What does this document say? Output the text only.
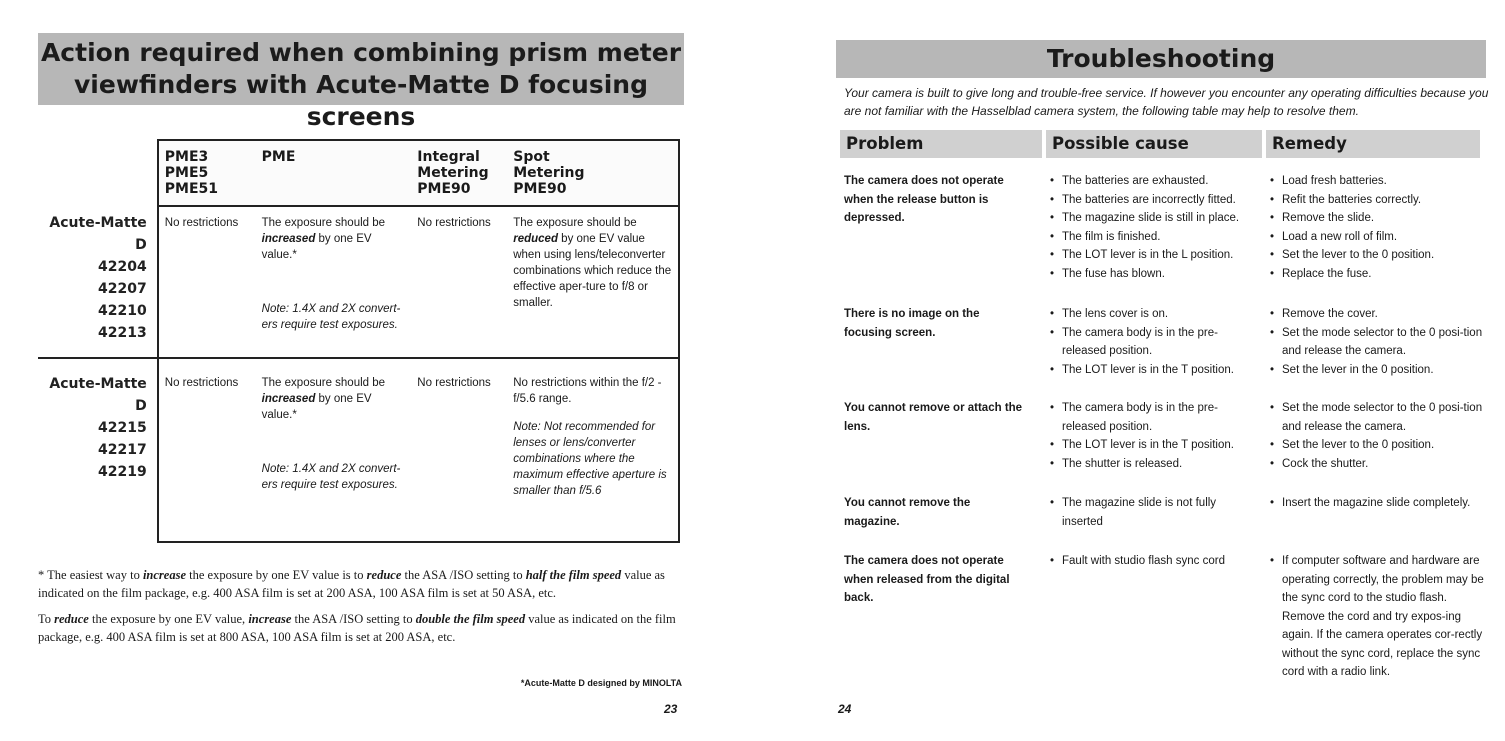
Action required when combining prism meter
viewfinders with Acute-Matte D focusing screens

PME3
PME5
PME51

PME	Integral
Metering
PME90

Spot
Metering
PME90

Acute-Matte D
42204
42207
42210
42213
	No restrictions	The exposure should be increased by one EV value.*
Note: 1.4X and 2X convert-ers require test exposures.
	No restrictions	The exposure should be reduced by one EV value when using lens/teleconverter combinations which reduce the effective aper-ture to f/8 or smaller.

Acute-Matte D
42215
42217
42219
	No restrictions	The exposure should be increased by one EV value.*
Note: 1.4X and 2X convert-ers require test exposures.
	No restrictions	No restrictions within the f/2 - f/5.6 range.
Note: Not recommended for lenses or lens/converter combinations where the maximum effective aperture is smaller than f/5.6
* The easiest way to increase the exposure by one EV value is to reduce the ASA /ISO setting to half the film speed value as indicated on the film package, e.g. 400 ASA film is set at 200 ASA, 100 ASA film is set at 50 ASA, etc.
To reduce the exposure by one EV value, increase the ASA /ISO setting to double the film speed value as indicated on the film package, e.g. 400 ASA film is set at 800 ASA, 100 ASA film is set at 200 ASA, etc.
*Acute-Matte D designed by MINOLTA
23
Troubleshooting
Your camera is built to give long and trouble-free service. If however you encounter any operating difficulties because you are not familiar with the Hasselblad camera system, the following table may help to resolve them.
Problem	Possible cause	Remedy
The camera does not operate when the release button is depressed.
• The batteries are exhausted.
• The batteries are incorrectly fitted.
• The magazine slide is still in place.
• The film is finished.
• The LOT lever is in the L position.
• The fuse has blown.
• Load fresh batteries.
• Refit the batteries correctly.
• Remove the slide.
• Load a new roll of film.
• Set the lever to the 0 position.
• Replace the fuse.
There is no image on the focusing screen.
• The lens cover is on.
• The camera body is in the pre-released position.
• The LOT lever is in the T position.
• Remove the cover.
• Set the mode selector to the 0 posi-tion and release the camera.
• Set the lever in the 0 position.
You cannot remove or attach the lens.
• The camera body is in the pre-released position.
• The LOT lever is in the T position.
• The shutter is released.
• Set the mode selector to the 0 posi-tion and release the camera.
• Set the lever to the 0 position.
• Cock the shutter.
You cannot remove the magazine.
• The magazine slide is not fully inserted
• Insert the magazine slide completely.
The camera does not operate when released from the digital back.
• Fault with studio flash sync cord
•	If computer software and hardware are operating correctly, the problem may be the sync cord to the studio flash. Remove the cord and try expos-ing again. If the camera operates cor-rectly without the sync cord, replace the sync cord with a radio link.
24
